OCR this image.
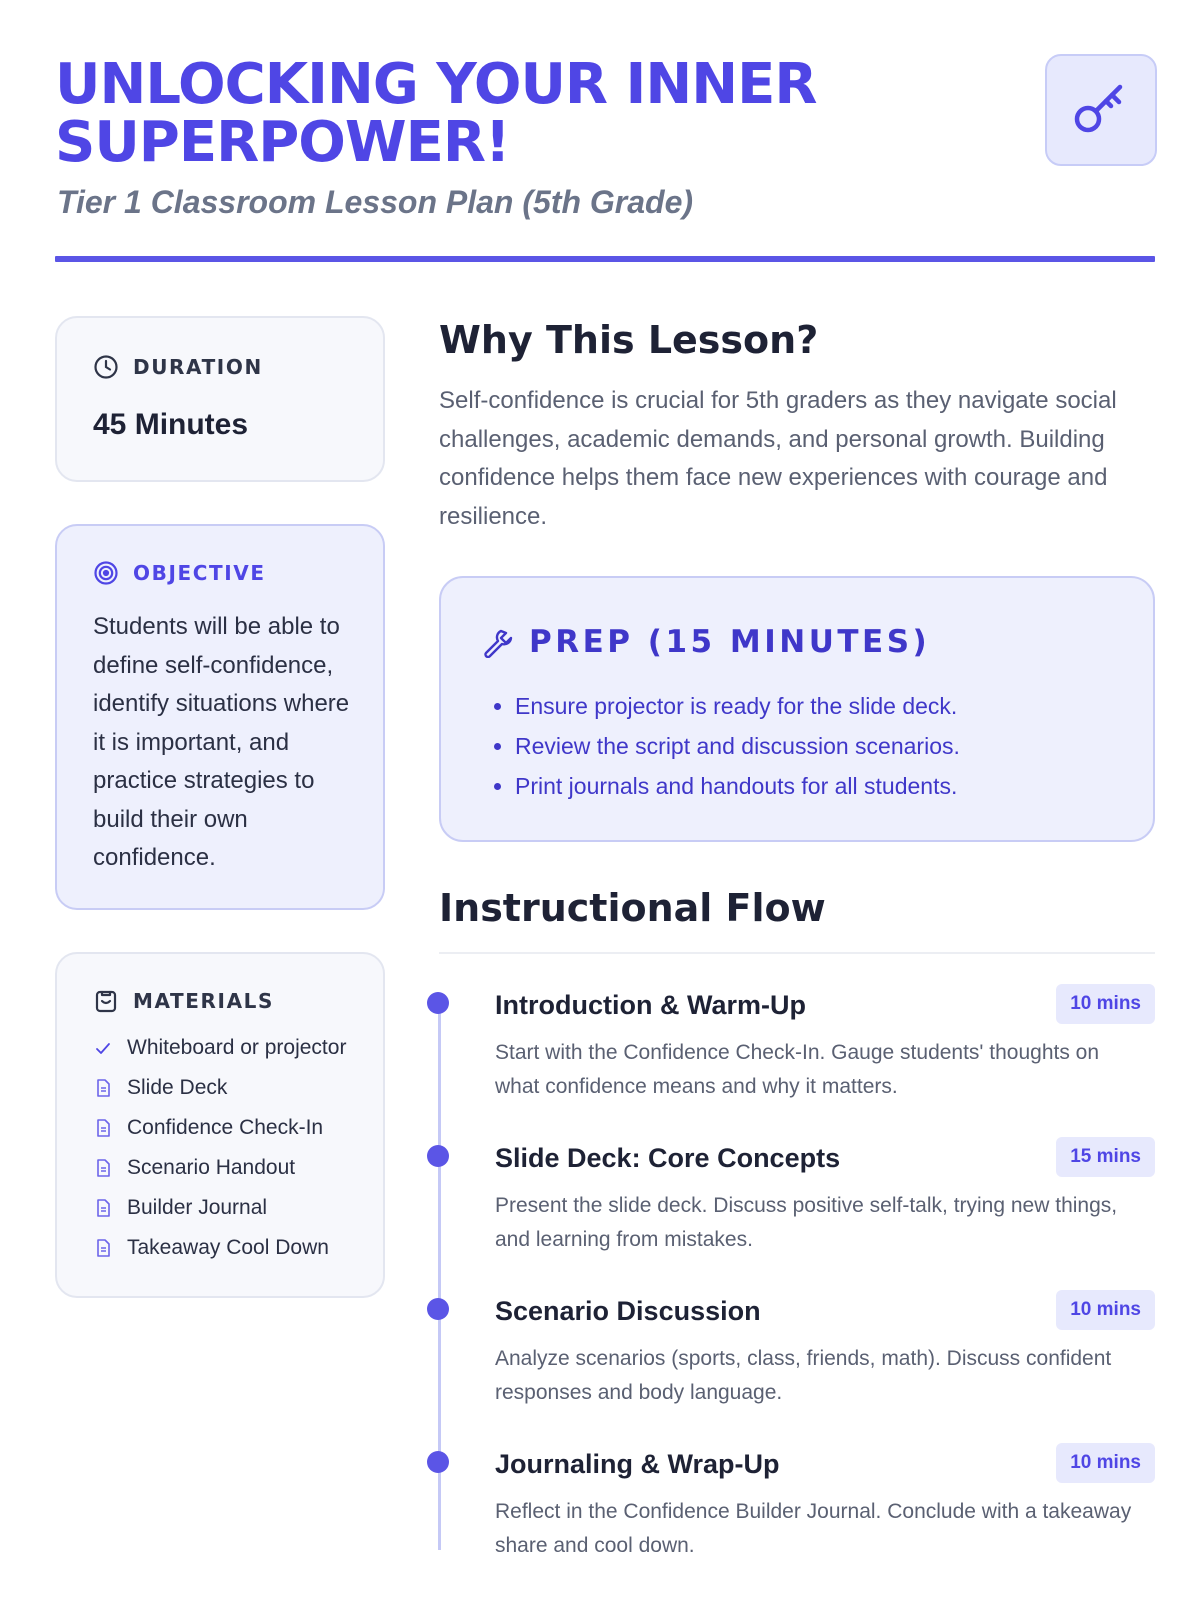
UNLOCKING YOUR INNER SUPERPOWER!
Tier 1 Classroom Lesson Plan (5th Grade)
DURATION
45 Minutes
OBJECTIVE

Students will be able to define self-confidence, identify situations where it is important, and practice strategies to build their own confidence.

MATERIALS
Whiteboard or projector
Slide Deck
Confidence Check-In
Scenario Handout
Builder Journal
Takeaway Cool Down
Why This Lesson?

Self-confidence is crucial for 5th graders as they navigate social challenges, academic demands, and personal growth. Building confidence helps them face new experiences with courage and resilience.

PREP (15 MINUTES)
• Ensure projector is ready for the slide deck.
• Review the script and discussion scenarios.
• Print journals and handouts for all students.
Instructional Flow
Introduction & Warm-Up	10 mins

Start with the Confidence Check-In. Gauge students' thoughts on what confidence means and why it matters.

Slide Deck: Core Concepts	15 mins

Present the slide deck. Discuss positive self-talk, trying new things, and learning from mistakes.

Scenario Discussion	10 mins

Analyze scenarios (sports, class, friends, math). Discuss confident responses and body language.

Journaling & Wrap-Up	10 mins

Reflect in the Confidence Builder Journal. Conclude with a takeaway share and cool down.
